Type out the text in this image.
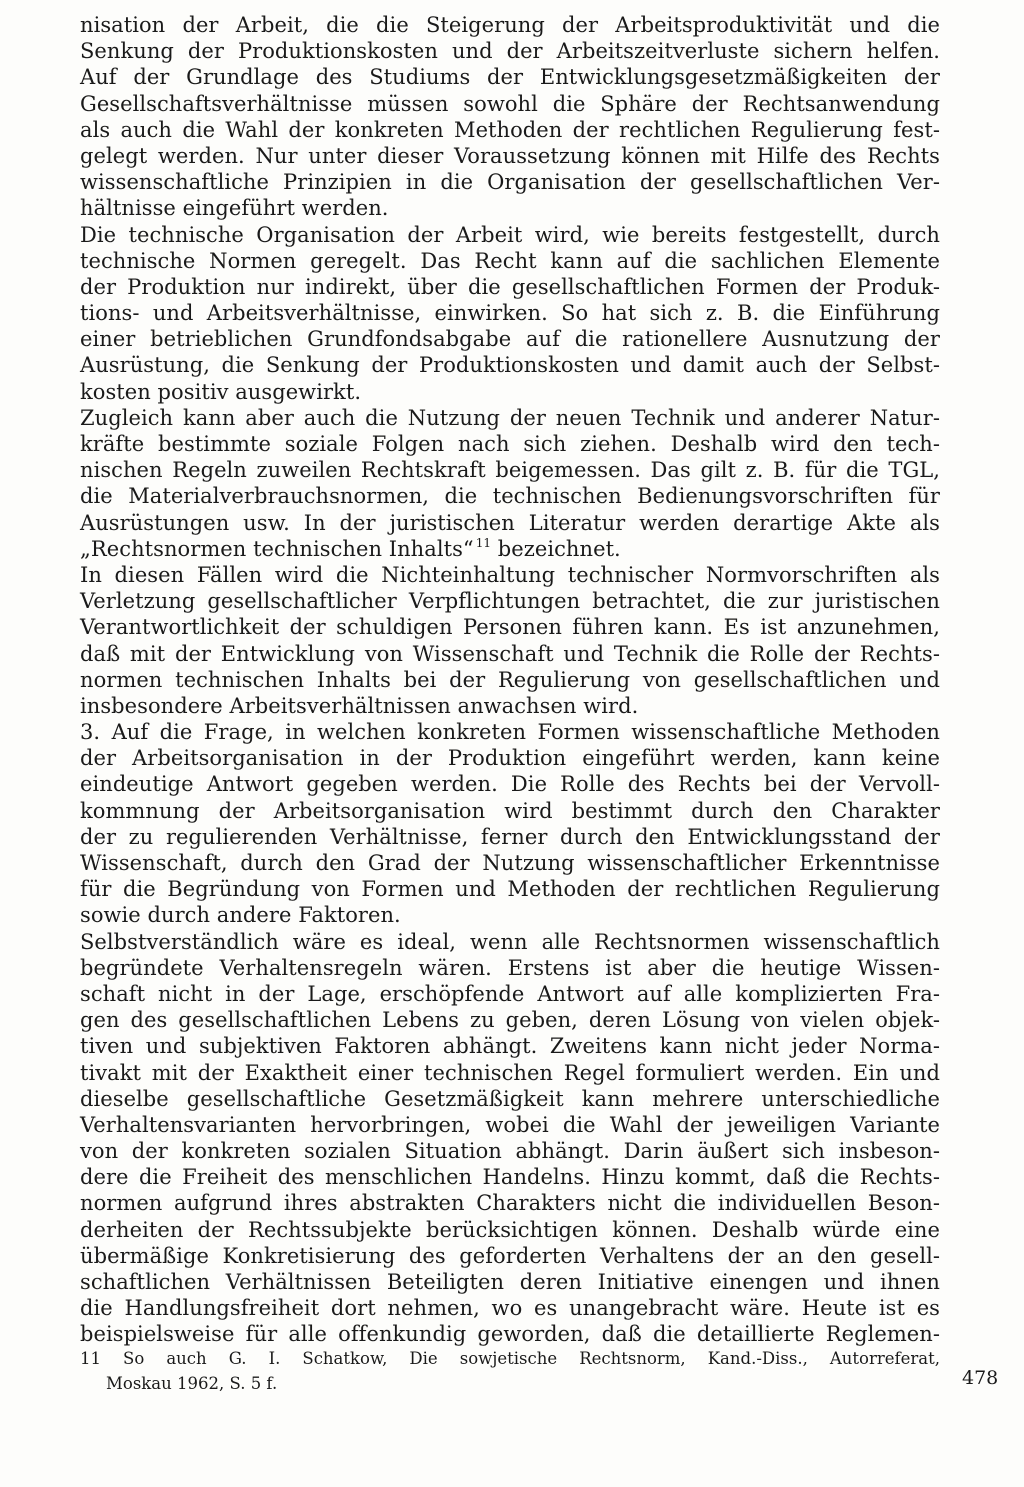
nisation der Arbeit, die die Steigerung der Arbeitsproduktivität und die
Senkung der Produktionskosten und der Arbeitszeitverluste sichern helfen.
Auf der Grundlage des Studiums der Entwicklungsgesetzmäßigkeiten der
Gesellschaftsverhältnisse müssen sowohl die Sphäre der Rechtsanwendung
als auch die Wahl der konkreten Methoden der rechtlichen Regulierung fest-
gelegt werden. Nur unter dieser Voraussetzung können mit Hilfe des Rechts
wissenschaftliche Prinzipien in die Organisation der gesellschaftlichen Ver-
hältnisse eingeführt werden.
Die technische Organisation der Arbeit wird, wie bereits festgestellt, durch
technische Normen geregelt. Das Recht kann auf die sachlichen Elemente
der Produktion nur indirekt, über die gesellschaftlichen Formen der Produk-
tions- und Arbeitsverhältnisse, einwirken. So hat sich z. B. die Einführung
einer betrieblichen Grundfondsabgabe auf die rationellere Ausnutzung der
Ausrüstung, die Senkung der Produktionskosten und damit auch der Selbst-
kosten positiv ausgewirkt.
Zugleich kann aber auch die Nutzung der neuen Technik und anderer Natur-
kräfte bestimmte soziale Folgen nach sich ziehen. Deshalb wird den tech-
nischen Regeln zuweilen Rechtskraft beigemessen. Das gilt z. B. für die TGL,
die Materialverbrauchsnormen, die technischen Bedienungsvorschriften für
Ausrüstungen usw. In der juristischen Literatur werden derartige Akte als
„Rechtsnormen technischen Inhalts“ $^{11}$ bezeichnet.
In diesen Fällen wird die Nichteinhaltung technischer Normvorschriften als
Verletzung gesellschaftlicher Verpflichtungen betrachtet, die zur juristischen
Verantwortlichkeit der schuldigen Personen führen kann. Es ist anzunehmen,
daß mit der Entwicklung von Wissenschaft und Technik die Rolle der Rechts-
normen technischen Inhalts bei der Regulierung von gesellschaftlichen und
insbesondere Arbeitsverhältnissen anwachsen wird.
3. Auf die Frage, in welchen konkreten Formen wissenschaftliche Methoden
der Arbeitsorganisation in der Produktion eingeführt werden, kann keine
eindeutige Antwort gegeben werden. Die Rolle des Rechts bei der Vervoll-
kommnung der Arbeitsorganisation wird bestimmt durch den Charakter
der zu regulierenden Verhältnisse, ferner durch den Entwicklungsstand der
Wissenschaft, durch den Grad der Nutzung wissenschaftlicher Erkenntnisse
für die Begründung von Formen und Methoden der rechtlichen Regulierung
sowie durch andere Faktoren.
Selbstverständlich wäre es ideal, wenn alle Rechtsnormen wissenschaftlich
begründete Verhaltensregeln wären. Erstens ist aber die heutige Wissen-
schaft nicht in der Lage, erschöpfende Antwort auf alle komplizierten Fra-
gen des gesellschaftlichen Lebens zu geben, deren Lösung von vielen objek-
tiven und subjektiven Faktoren abhängt. Zweitens kann nicht jeder Norma-
tivakt mit der Exaktheit einer technischen Regel formuliert werden. Ein und
dieselbe gesellschaftliche Gesetzmäßigkeit kann mehrere unterschiedliche
Verhaltensvarianten hervorbringen, wobei die Wahl der jeweiligen Variante
von der konkreten sozialen Situation abhängt. Darin äußert sich insbeson-
dere die Freiheit des menschlichen Handelns. Hinzu kommt, daß die Rechts-
normen aufgrund ihres abstrakten Charakters nicht die individuellen Beson-
derheiten der Rechtssubjekte berücksichtigen können. Deshalb würde eine
übermäßige Konkretisierung des geforderten Verhaltens der an den gesell-
schaftlichen Verhältnissen Beteiligten deren Initiative einengen und ihnen
die Handlungsfreiheit dort nehmen, wo es unangebracht wäre. Heute ist es
beispielsweise für alle offenkundig geworden, daß die detaillierte Reglemen-
11 So auch G. I. Schatkow, Die sowjetische Rechtsnorm, Kand.-Diss., Autorreferat,
Moskau 1962, S. 5 f.	478
